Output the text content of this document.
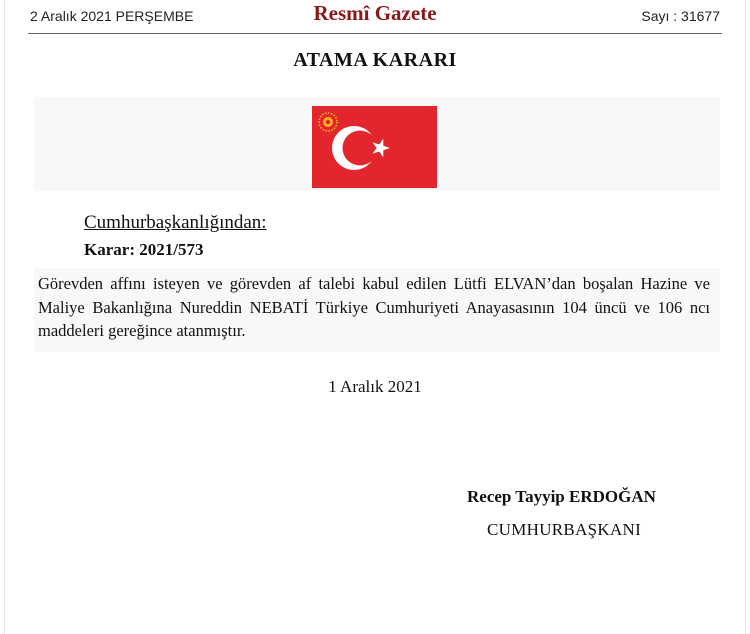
2 Aralık 2021 PERŞEMBE	Resmî Gazete	Sayı : 31677
ATAMA KARARI
Cumhurbaşkanlığından:
Karar: 2021/573
Görevden affını isteyen ve görevden af talebi kabul edilen Lütfi ELVAN’dan boşalan Hazine ve Maliye Bakanlığına Nureddin NEBATİ Türkiye Cumhuriyeti Anayasasının 104 üncü ve 106 ncı maddeleri gereğince atanmıştır.
1 Aralık 2021
Recep Tayyip ERDOĞAN
CUMHURBAŞKANI
